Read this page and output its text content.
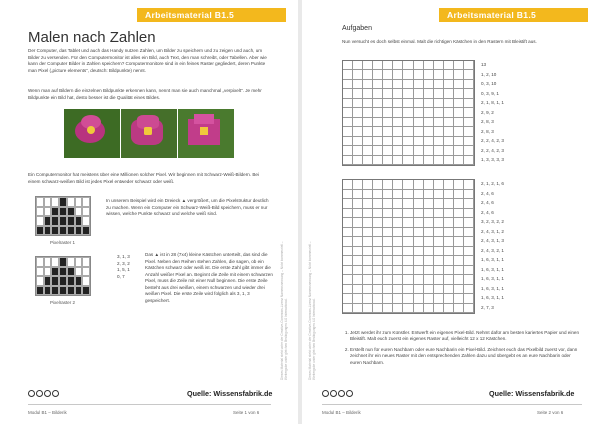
Arbeitsmaterial B1.5
Malen nach Zahlen
Der Computer, das Tablet und auch das Handy nutzen Zahlen, um Bilder zu speichern und zu zeigen und auch, um Bilder zu versenden. Für den Computermonitor ist alles ein Bild, auch Text, den man schreibt, oder Tabellen. Aber wie kann der Computer Bilder in Zahlen speichern? Computermonitore sind in ein feines Raster gegliedert, deren Punkte man Pixel („picture elements“, deutsch: Bildpunkte) nennt.
Wenn man auf Bildern die einzelnen Bildpunkte erkennen kann, nennt man sie auch manchmal „verpixelt“. Je mehr Bildpunkte ein Bild hat, desto besser ist die Qualität eines Bildes.
Ein Computermonitor hat meistens über eine Millionen solcher Pixel. Wir beginnen mit Schwarz-Weiß-Bildern. Bei einem schwarz-weißen Bild ist jedes Pixel entweder schwarz oder weiß.
Pixelraster 1
In unserem Beispiel wird ein Dreieck ▲ vergrößert, um die Pixelstruktur deutlich zu machen. Wenn ein Computer ein Schwarz-Weiß-Bild speichern, muss er nur wissen, welche Punkte schwarz und welche weiß sind.
Pixelraster 2
3, 1, 3
2, 3, 2
1, 5, 1
0, 7
Das ▲ ist in 28 (7x4) kleine Kästchen unterteilt, das sind die Pixel. Neben den Reihen stehen Zahlen, die sagen, ob ein Kästchen schwarz oder weiß ist. Die erste Zahl gibt immer die Anzahl weißer Pixel an. Beginnt die Zeile mit einem schwarzen Pixel, muss die Zeile mit einer Null beginnen. Die erste Zeile besteht aus drei weißen, einem schwarzen und wieder drei weißen Pixel. Die erste Zeile wird folglich als 3, 1, 3 gespeichert.
Quelle: Wissensfabrik.de
Modul B1 – Bilderik	Seite 1 von 6
Dieses Material steht unter der Creative-Commons-Lizenz Namensnennung – Nicht kommerziell – Weitergabe unter gleichen Bedingungen 4.0 International.
Arbeitsmaterial B1.5
Aufgaben
Nun versucht es doch selbst einmal. Malt die richtigen Kästchen in den Rastern mit Bleistift aus.
13
1, 2, 10
0, 3, 10
0, 3, 9, 1
2, 1, 8, 1, 1
2, 9, 2
2, 8, 3
2, 8, 3
2, 2, 4, 2, 3
2, 2, 4, 2, 3
1, 3, 3, 3, 3
2, 1, 2, 1, 6
2, 4, 6
2, 4, 6
2, 4, 6
3, 2, 3, 2, 2
2, 4, 3, 1, 2
2, 4, 3, 1, 3
2, 4, 3, 2, 1
1, 6, 3, 1, 1
1, 6, 3, 1, 1
1, 6, 3, 1, 1
1, 6, 3, 1, 1
1, 6, 3, 1, 1
2, 7, 3
1. Jetzt werdet ihr zum Künstler. Entwerft ein eigenes Pixel-Bild. Nehmt dafür am besten kariertes Papier und einen Bleistift. Malt euch zuerst ein eigenes Raster auf, vielleicht 12 x 12 Kästchen.
2. Erstellt nun für euren Nachbarn oder eure Nachbarin ein Pixel-Bild. Zeichnet euch das Pixelbild zuerst vor, dann zeichnet ihr ein neues Raster mit den entsprechenden Zahlen dazu und übergebt es an eure Nachbarin oder euren Nachbarn.
Quelle: Wissensfabrik.de
Modul B1 – Bilderik	Seite 2 von 6
Dieses Material steht unter der Creative-Commons-Lizenz Namensnennung – Nicht kommerziell – Weitergabe unter gleichen Bedingungen 4.0 International.
